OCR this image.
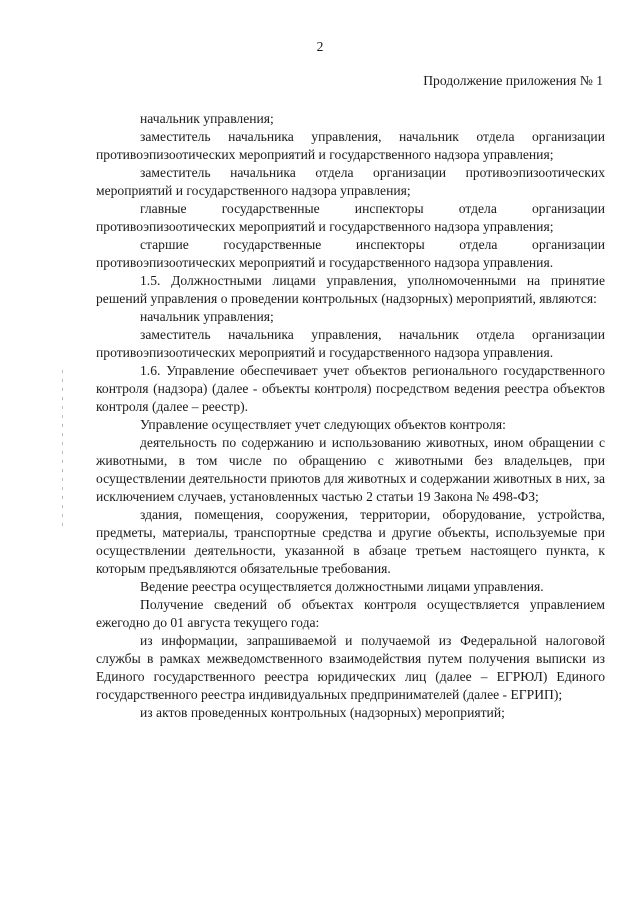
2
Продолжение приложения № 1

начальник управления;

заместитель начальника управления, начальник отдела организации противоэпизоотических мероприятий и государственного надзора управления;

заместитель начальника отдела организации противоэпизоотических мероприятий и государственного надзора управления;

главные государственные инспекторы отдела организации противоэпизоотических мероприятий и государственного надзора управления;

старшие государственные инспекторы отдела организации противоэпизоотических мероприятий и государственного надзора управления.

1.5. Должностными лицами управления, уполномоченными на принятие решений управления о проведении контрольных (надзорных) мероприятий, являются:

начальник управления;

заместитель начальника управления, начальник отдела организации противоэпизоотических мероприятий и государственного надзора управления.

1.6. Управление обеспечивает учет объектов регионального государственного контроля (надзора) (далее - объекты контроля) посредством ведения реестра объектов контроля (далее – реестр).

Управление осуществляет учет следующих объектов контроля:

деятельность по содержанию и использованию животных, ином обращении с животными, в том числе по обращению с животными без владельцев, при осуществлении деятельности приютов для животных и содержании животных в них, за исключением случаев, установленных частью 2 статьи 19 Закона № 498-ФЗ;

здания, помещения, сооружения, территории, оборудование, устройства, предметы, материалы, транспортные средства и другие объекты, используемые при осуществлении деятельности, указанной в абзаце третьем настоящего пункта, к которым предъявляются обязательные требования.

Ведение реестра осуществляется должностными лицами управления.

Получение сведений об объектах контроля осуществляется управлением ежегодно до 01 августа текущего года:

из информации, запрашиваемой и получаемой из Федеральной налоговой службы в рамках межведомственного взаимодействия путем получения выписки из Единого государственного реестра юридических лиц (далее – ЕГРЮЛ) Единого государственного реестра индивидуальных предпринимателей (далее - ЕГРИП);

из актов проведенных контрольных (надзорных) мероприятий;
